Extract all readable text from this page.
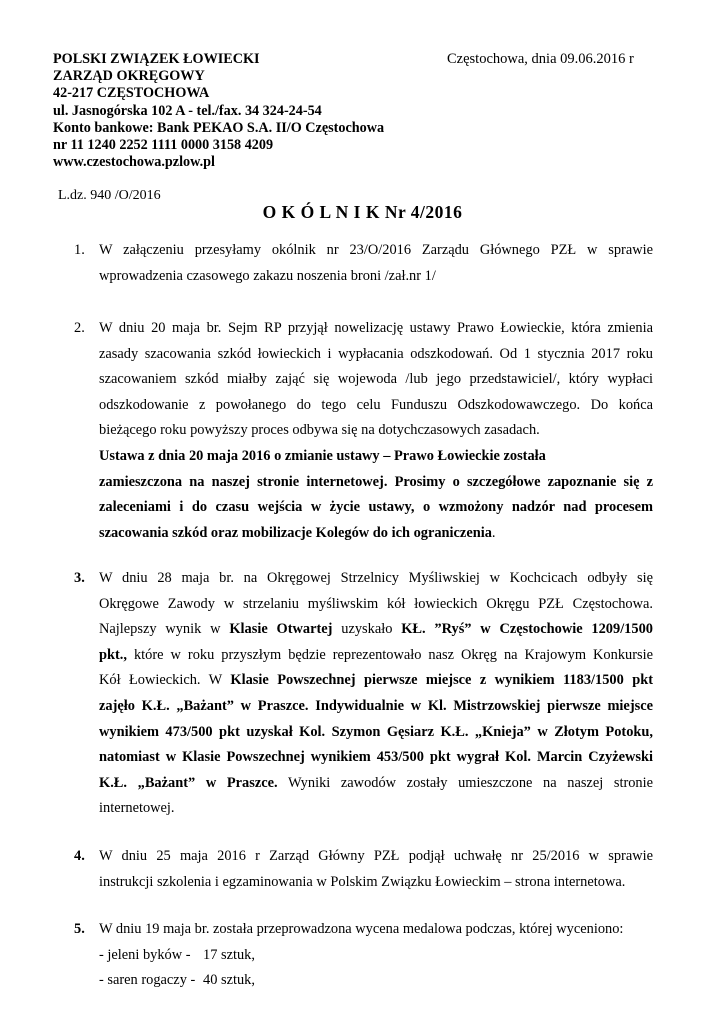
POLSKI ZWIĄZEK ŁOWIECKI
ZARZĄD OKRĘGOWY
42-217 CZĘSTOCHOWA
ul. Jasnogórska 102 A - tel./fax. 34 324-24-54
Konto bankowe: Bank PEKAO S.A. II/O Częstochowa
nr 11 1240 2252 1111 0000 3158 4209
www.czestochowa.pzlow.pl
Częstochowa, dnia 09.06.2016 r
L.dz. 940 /O/2016
O K Ó L N I K Nr 4/2016
1. W załączeniu przesyłamy okólnik nr 23/O/2016 Zarządu Głównego PZŁ w sprawie
wprowadzenia czasowego zakazu noszenia broni /zał.nr 1/
2. W dniu 20 maja br. Sejm RP przyjął nowelizację ustawy Prawo Łowieckie, która zmienia
zasady szacowania szkód łowieckich i wypłacania odszkodowań. Od 1 stycznia 2017 roku
szacowaniem szkód miałby zająć się wojewoda /lub jego przedstawiciel/, który wypłaci
odszkodowanie z powołanego do tego celu Funduszu Odszkodowawczego. Do końca
bieżącego roku powyższy proces odbywa się na dotychczasowych zasadach.
Ustawa z dnia 20 maja 2016 o zmianie ustawy – Prawo Łowieckie została
zamieszczona na naszej stronie internetowej. Prosimy o szczegółowe zapoznanie się z
zaleceniami i do czasu wejścia w życie ustawy, o wzmożony nadzór nad procesem
szacowania szkód oraz mobilizacje Kolegów do ich ograniczenia.
3. W dniu 28 maja br. na Okręgowej Strzelnicy Myśliwskiej w Kochcicach odbyły się
Okręgowe Zawody w strzelaniu myśliwskim kół łowieckich Okręgu PZŁ Częstochowa.
Najlepszy wynik w Klasie Otwartej uzyskało KŁ. ”Ryś” w Częstochowie 1209/1500
pkt., które w roku przyszłym będzie reprezentowało nasz Okręg na Krajowym Konkursie
Kół Łowieckich. W Klasie Powszechnej pierwsze miejsce z wynikiem 1183/1500 pkt
zajęło K.Ł. „Bażant” w Praszce. Indywidualnie w Kl. Mistrzowskiej pierwsze miejsce
wynikiem 473/500 pkt uzyskał Kol. Szymon Gęsiarz K.Ł. „Knieja” w Złotym Potoku,
natomiast w Klasie Powszechnej wynikiem 453/500 pkt wygrał Kol. Marcin Czyżewski
K.Ł. „Bażant” w Praszce. Wyniki zawodów zostały umieszczone na naszej stronie
internetowej.
4. W dniu 25 maja 2016 r Zarząd Główny PZŁ podjął uchwałę nr 25/2016 w sprawie
instrukcji szkolenia i egzaminowania w Polskim Związku Łowieckim – strona internetowa.
5. W dniu 19 maja br. została przeprowadzona wycena medalowa podczas, której wyceniono:
- jeleni byków - 17 sztuk,
- saren rogaczy - 40 sztuk,
